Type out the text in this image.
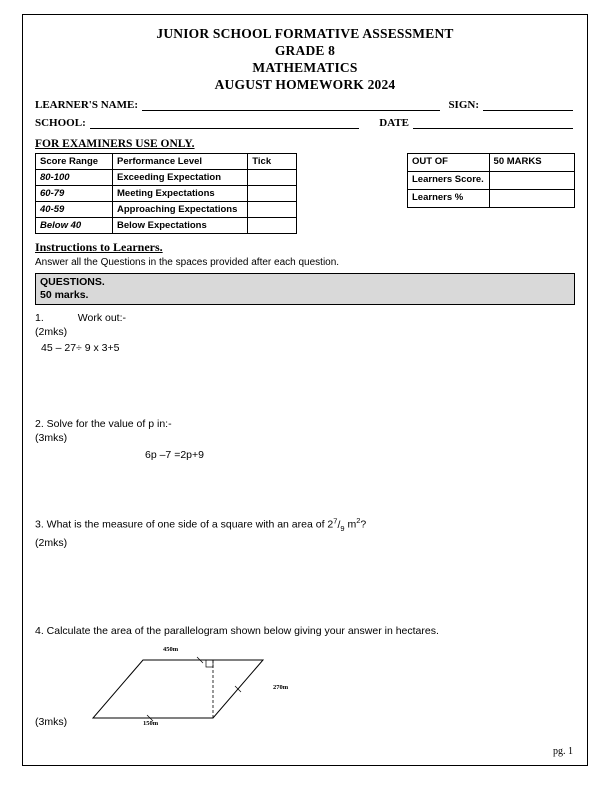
JUNIOR SCHOOL FORMATIVE ASSESSMENT
GRADE 8
MATHEMATICS
AUGUST HOMEWORK 2024
LEARNER'S NAME:	SIGN:
SCHOOL:	DATE
FOR EXAMINERS USE ONLY.
Score Range	Performance Level	Tick
80-100	Exceeding Expectation	
60-79	Meeting Expectations	
40-59	Approaching Expectations	
Below 40	Below Expectations	
OUT OF	50 MARKS
Learners Score.	
Learners %	
Instructions to Learners.
Answer all the Questions in the spaces provided after each question.
QUESTIONS.
50 marks.
1.	Work out:-
(2mks)
45 – 27÷ 9 x 3+5
2. Solve for the value of p in:-
(3mks)
6p –7 =2p+9
3. What is the measure of one side of a square with an area of $2^7/_9$ $m^2$?
(2mks)
4. Calculate the area of the parallelogram shown below giving your answer in hectares.
450m
270m
150m
(3mks)
pg. 1
